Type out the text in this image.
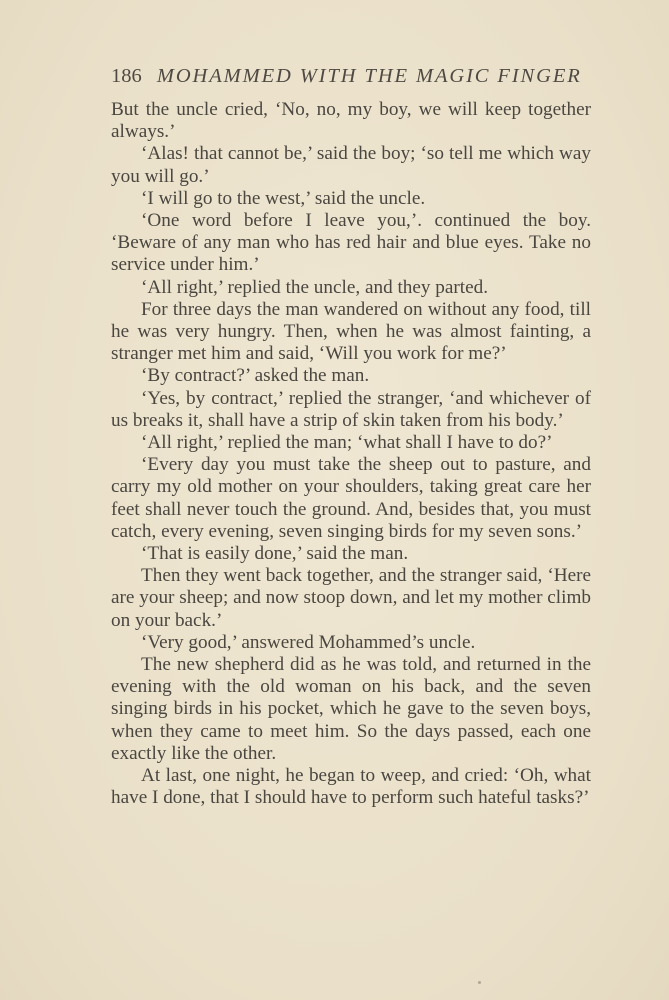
186 MOHAMMED WITH THE MAGIC FINGER

But the uncle cried, ‘No, no, my boy, we will keep together always.’

‘Alas! that cannot be,’ said the boy; ‘so tell me which way you will go.’

‘I will go to the west,’ said the uncle.

‘One word before I leave you,’. continued the boy. ‘Beware of any man who has red hair and blue eyes. Take no service under him.’

‘All right,’ replied the uncle, and they parted.

For three days the man wandered on without any food, till he was very hungry. Then, when he was almost fainting, a stranger met him and said, ‘Will you work for me?’

‘By contract?’ asked the man.

‘Yes, by contract,’ replied the stranger, ‘and whichever of us breaks it, shall have a strip of skin taken from his body.’

‘All right,’ replied the man; ‘what shall I have to do?’

‘Every day you must take the sheep out to pasture, and carry my old mother on your shoulders, taking great care her feet shall never touch the ground. And, besides that, you must catch, every evening, seven singing birds for my seven sons.’

‘That is easily done,’ said the man.

Then they went back together, and the stranger said, ‘Here are your sheep; and now stoop down, and let my mother climb on your back.’

‘Very good,’ answered Mohammed’s uncle.

The new shepherd did as he was told, and returned in the evening with the old woman on his back, and the seven singing birds in his pocket, which he gave to the seven boys, when they came to meet him. So the days passed, each one exactly like the other.

At last, one night, he began to weep, and cried: ‘Oh, what have I done, that I should have to perform such hateful tasks?’
